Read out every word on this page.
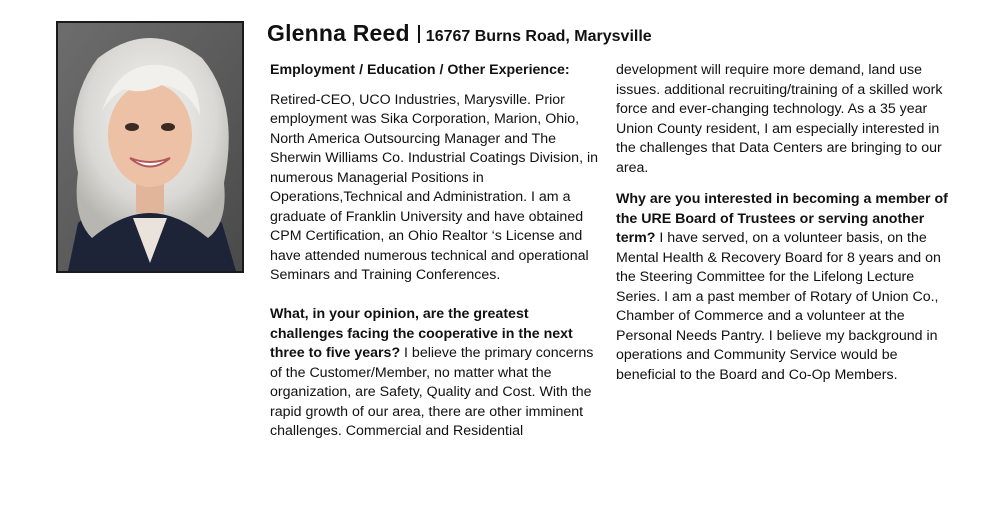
Glenna Reed 16767 Burns Road, Marysville
Employment / Education / Other Experience:

Retired-CEO, UCO Industries, Marysville. Prior employment was Sika Corporation, Marion, Ohio, North America Outsourcing Manager and The Sherwin Williams Co. Industrial Coatings Division, in numerous Managerial Positions in Operations,Technical and Administration. I am a graduate of Franklin University and have obtained CPM Certification, an Ohio Realtor ‘s License and have attended numerous technical and operational Seminars and Training Conferences.

What, in your opinion, are the greatest challenges facing the cooperative in the next three to five years? I believe the primary concerns of the Customer/Member, no matter what the organization, are Safety, Quality and Cost. With the rapid growth of our area, there are other imminent challenges. Commercial and Residential

development will require more demand, land use issues. additional recruiting/training of a skilled work force and ever-changing technology. As a 35 year Union County resident, I am especially interested in the challenges that Data Centers are bringing to our area.

Why are you interested in becoming a member of the URE Board of Trustees or serving another term? I have served, on a volunteer basis, on the Mental Health & Recovery Board for 8 years and on the Steering Committee for the Lifelong Lecture Series. I am a past member of Rotary of Union Co., Chamber of Commerce and a volunteer at the Personal Needs Pantry. I believe my background in operations and Community Service would be beneficial to the Board and Co-Op Members.
